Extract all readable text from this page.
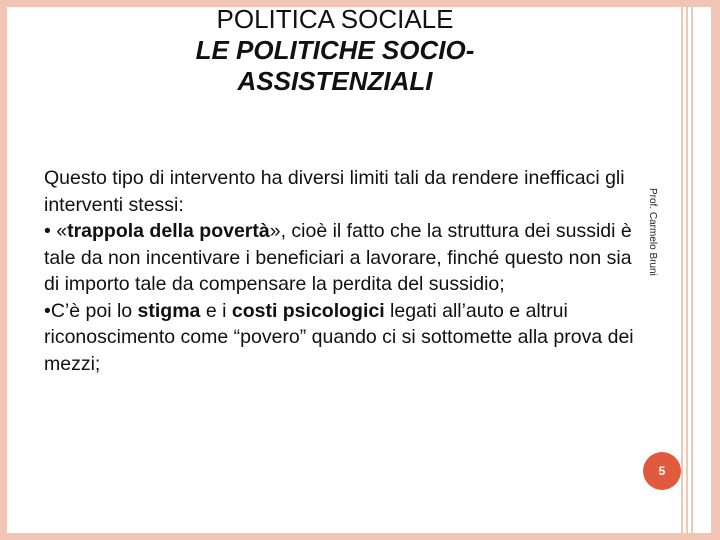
POLITICA SOCIALE
LE POLITICHE SOCIO-
ASSISTENZIALI
Questo tipo di intervento ha diversi limiti tali da rendere inefficaci gli interventi stessi:
• «trappola della povertà», cioè il fatto che la struttura dei sussidi è tale da non incentivare i beneficiari a lavorare, finché questo non sia di importo tale da compensare la perdita del sussidio;
•C’è poi lo stigma e i costi psicologici legati all’auto e altrui riconoscimento come “povero” quando ci si sottomette alla prova dei mezzi;
Prof. Carmelo Bruni
5
